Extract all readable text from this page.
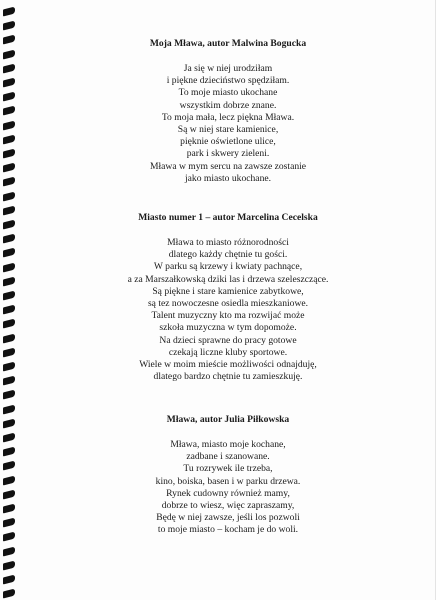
Moja Mława, autor Malwina Bogucka
Ja się w niej urodziłam
i piękne dzieciństwo spędziłam.
To moje miasto ukochane
wszystkim dobrze znane.
To moja mała, lecz piękna Mława.
Są w niej stare kamienice,
pięknie oświetlone ulice,
park i skwery zieleni.
Mława w mym sercu na zawsze zostanie
jako miasto ukochane.
Miasto numer 1 – autor Marcelina Cecelska
Mława to miasto różnorodności
dlatego każdy chętnie tu gości.
W parku są krzewy i kwiaty pachnące,
a za Marszałkowską dziki las i drzewa szeleszczące.
Są piękne i stare kamienice zabytkowe,
są tez nowoczesne osiedla mieszkaniowe.
Talent muzyczny kto ma rozwijać może
szkoła muzyczna w tym dopomoże.
Na dzieci sprawne do pracy gotowe
czekają liczne kluby sportowe.
Wiele w moim mieście możliwości odnajduję,
dlatego bardzo chętnie tu zamieszkuję.
Mława, autor Julia Piłkowska
Mława, miasto moje kochane,
zadbane i szanowane.
Tu rozrywek ile trzeba,
kino, boiska, basen i w parku drzewa.
Rynek cudowny również mamy,
dobrze to wiesz, więc zapraszamy,
Będę w niej zawsze, jeśli los pozwoli
to moje miasto – kocham je do woli.
